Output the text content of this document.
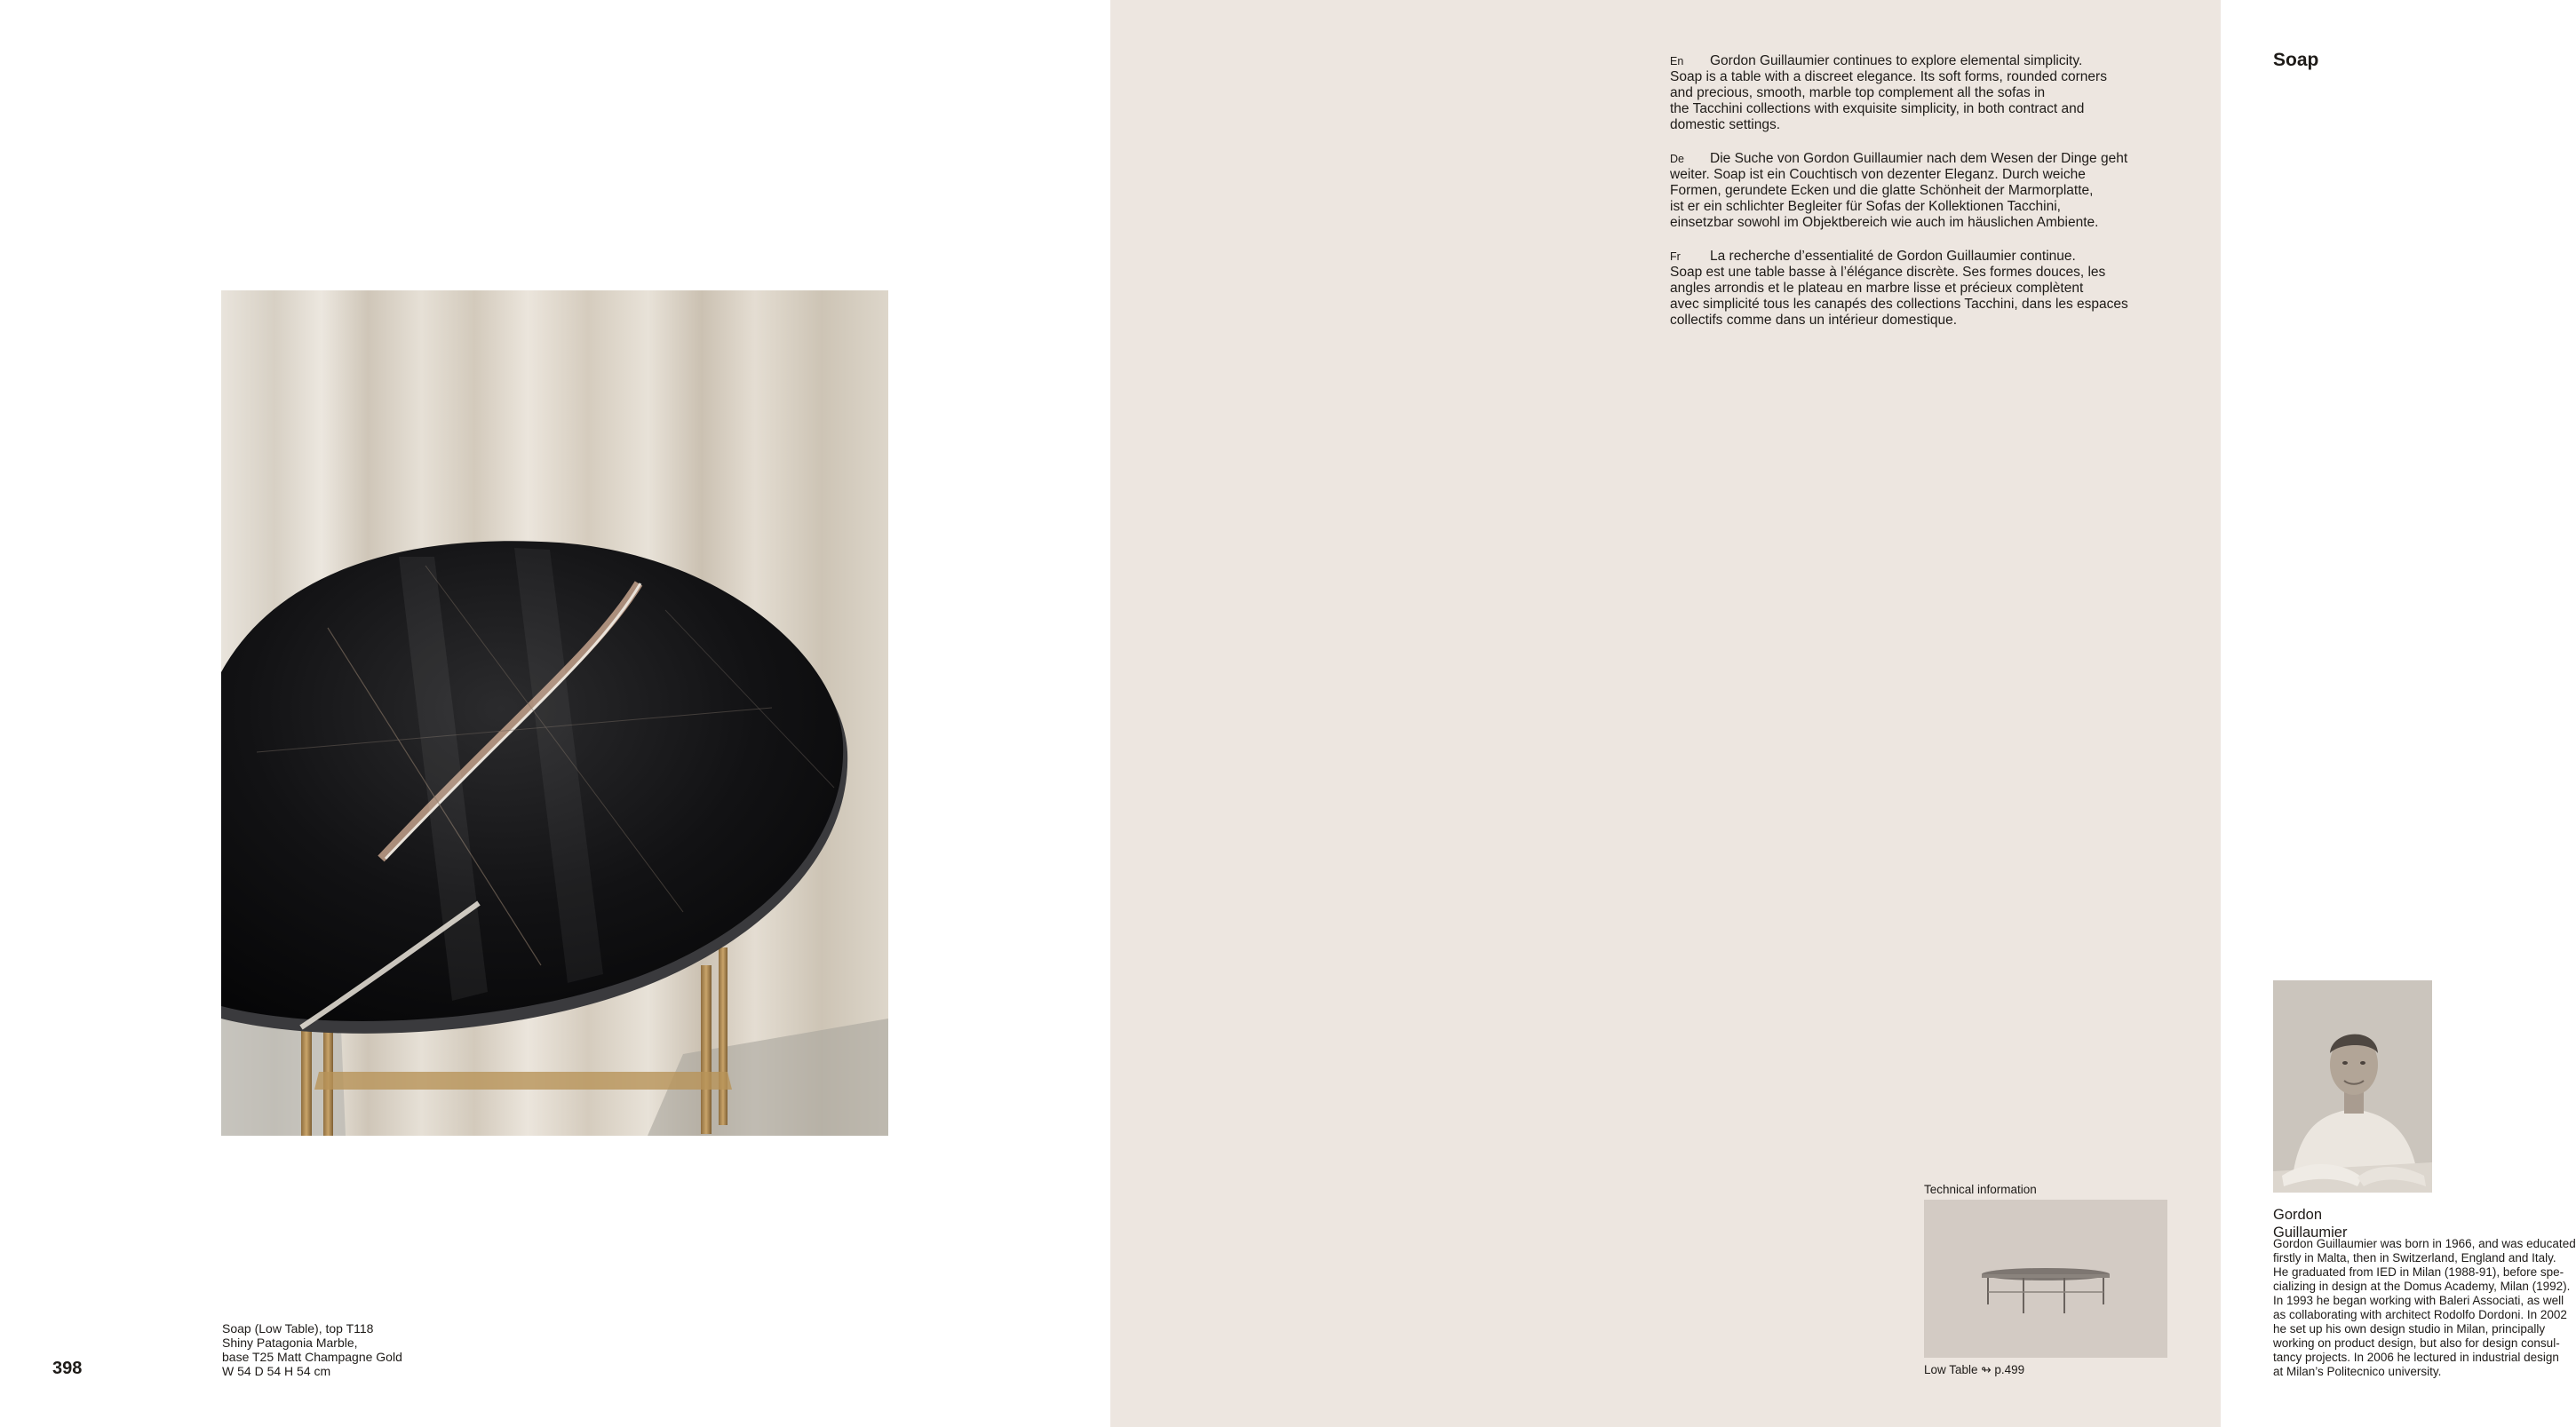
Soap (Low Table), top T118
Shiny Patagonia Marble,
base T25 Matt Champagne Gold
W 54 D 54 H 54 cm
398
Soap
Gordon Guillaumier
Gordon Guillaumier was born in 1966, and was educated
firstly in Malta, then in Switzerland, England and Italy.
He graduated from IED in Milan (1988-91), before spe-
cializing in design at the Domus Academy, Milan (1992).
In 1993 he began working with Baleri Associati, as well
as collaborating with architect Rodolfo Dordoni. In 2002
he set up his own design studio in Milan, principally
working on product design, but also for design consul-
tancy projects. In 2006 he lectured in industrial design
at Milan’s Politecnico university.
En	Gordon Guillaumier continues to explore elemental simplicity.
Soap is a table with a discreet elegance. Its soft forms, rounded corners
and precious, smooth, marble top complement all the sofas in
the Tacchini collections with exquisite simplicity, in both contract and
domestic settings.
De	Die Suche von Gordon Guillaumier nach dem Wesen der Dinge geht
weiter. Soap ist ein Couchtisch von dezenter Eleganz. Durch weiche
Formen, gerundete Ecken und die glatte Schönheit der Marmorplatte,
ist er ein schlichter Begleiter für Sofas der Kollektionen Tacchini,
einsetzbar sowohl im Objektbereich wie auch im häuslichen Ambiente.
Fr	La recherche d’essentialité de Gordon Guillaumier continue.
Soap est une table basse à l’élégance discrète. Ses formes douces, les
angles arrondis et le plateau en marbre lisse et précieux complètent
avec simplicité tous les canapés des collections Tacchini, dans les espaces
collectifs comme dans un intérieur domestique.
Technical information
Low Table ↬ p.499
